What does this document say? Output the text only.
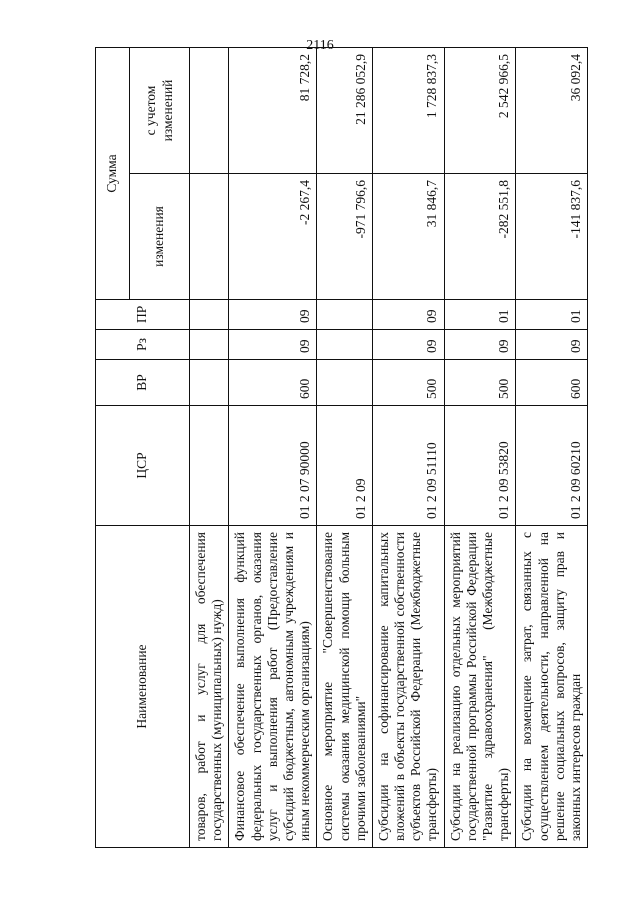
2116
Наименование	ЦСР	ВР	Рз	ПР	Сумма	
					изменения	с учетом изменений
товаров, работ и услуг для обеспечения государственных (муниципальных) нужд)						
Финансовое обеспечение выполнения функций федеральных государственных органов, оказания услуг и выполнения работ (Предоставление субсидий бюджетным, автономным учреждениям и иным некоммерческим организациям)	01 2 07 90000	600	09	09	-2 267,4	81 728,2
Основное мероприятие "Совершенствование системы оказания медицинской помощи больным прочими заболеваниями"	01 2 09				-971 796,6	21 286 052,9
Субсидии на софинансирование капитальных вложений в объекты государственной собственности субъектов Российской Федерации (Межбюджетные трансферты)	01 2 09 51110	500	09	09	31 846,7	1 728 837,3
Субсидии на реализацию отдельных мероприятий государственной программы Российской Федерации "Развитие здравоохранения" (Межбюджетные трансферты)	01 2 09 53820	500	09	01	-282 551,8	2 542 966,5
Субсидии на возмещение затрат, связанных с осуществлением деятельности, направленной на решение социальных вопросов, защиту прав и законных интересов граждан	01 2 09 60210	600	09	01	-141 837,6	36 092,4
